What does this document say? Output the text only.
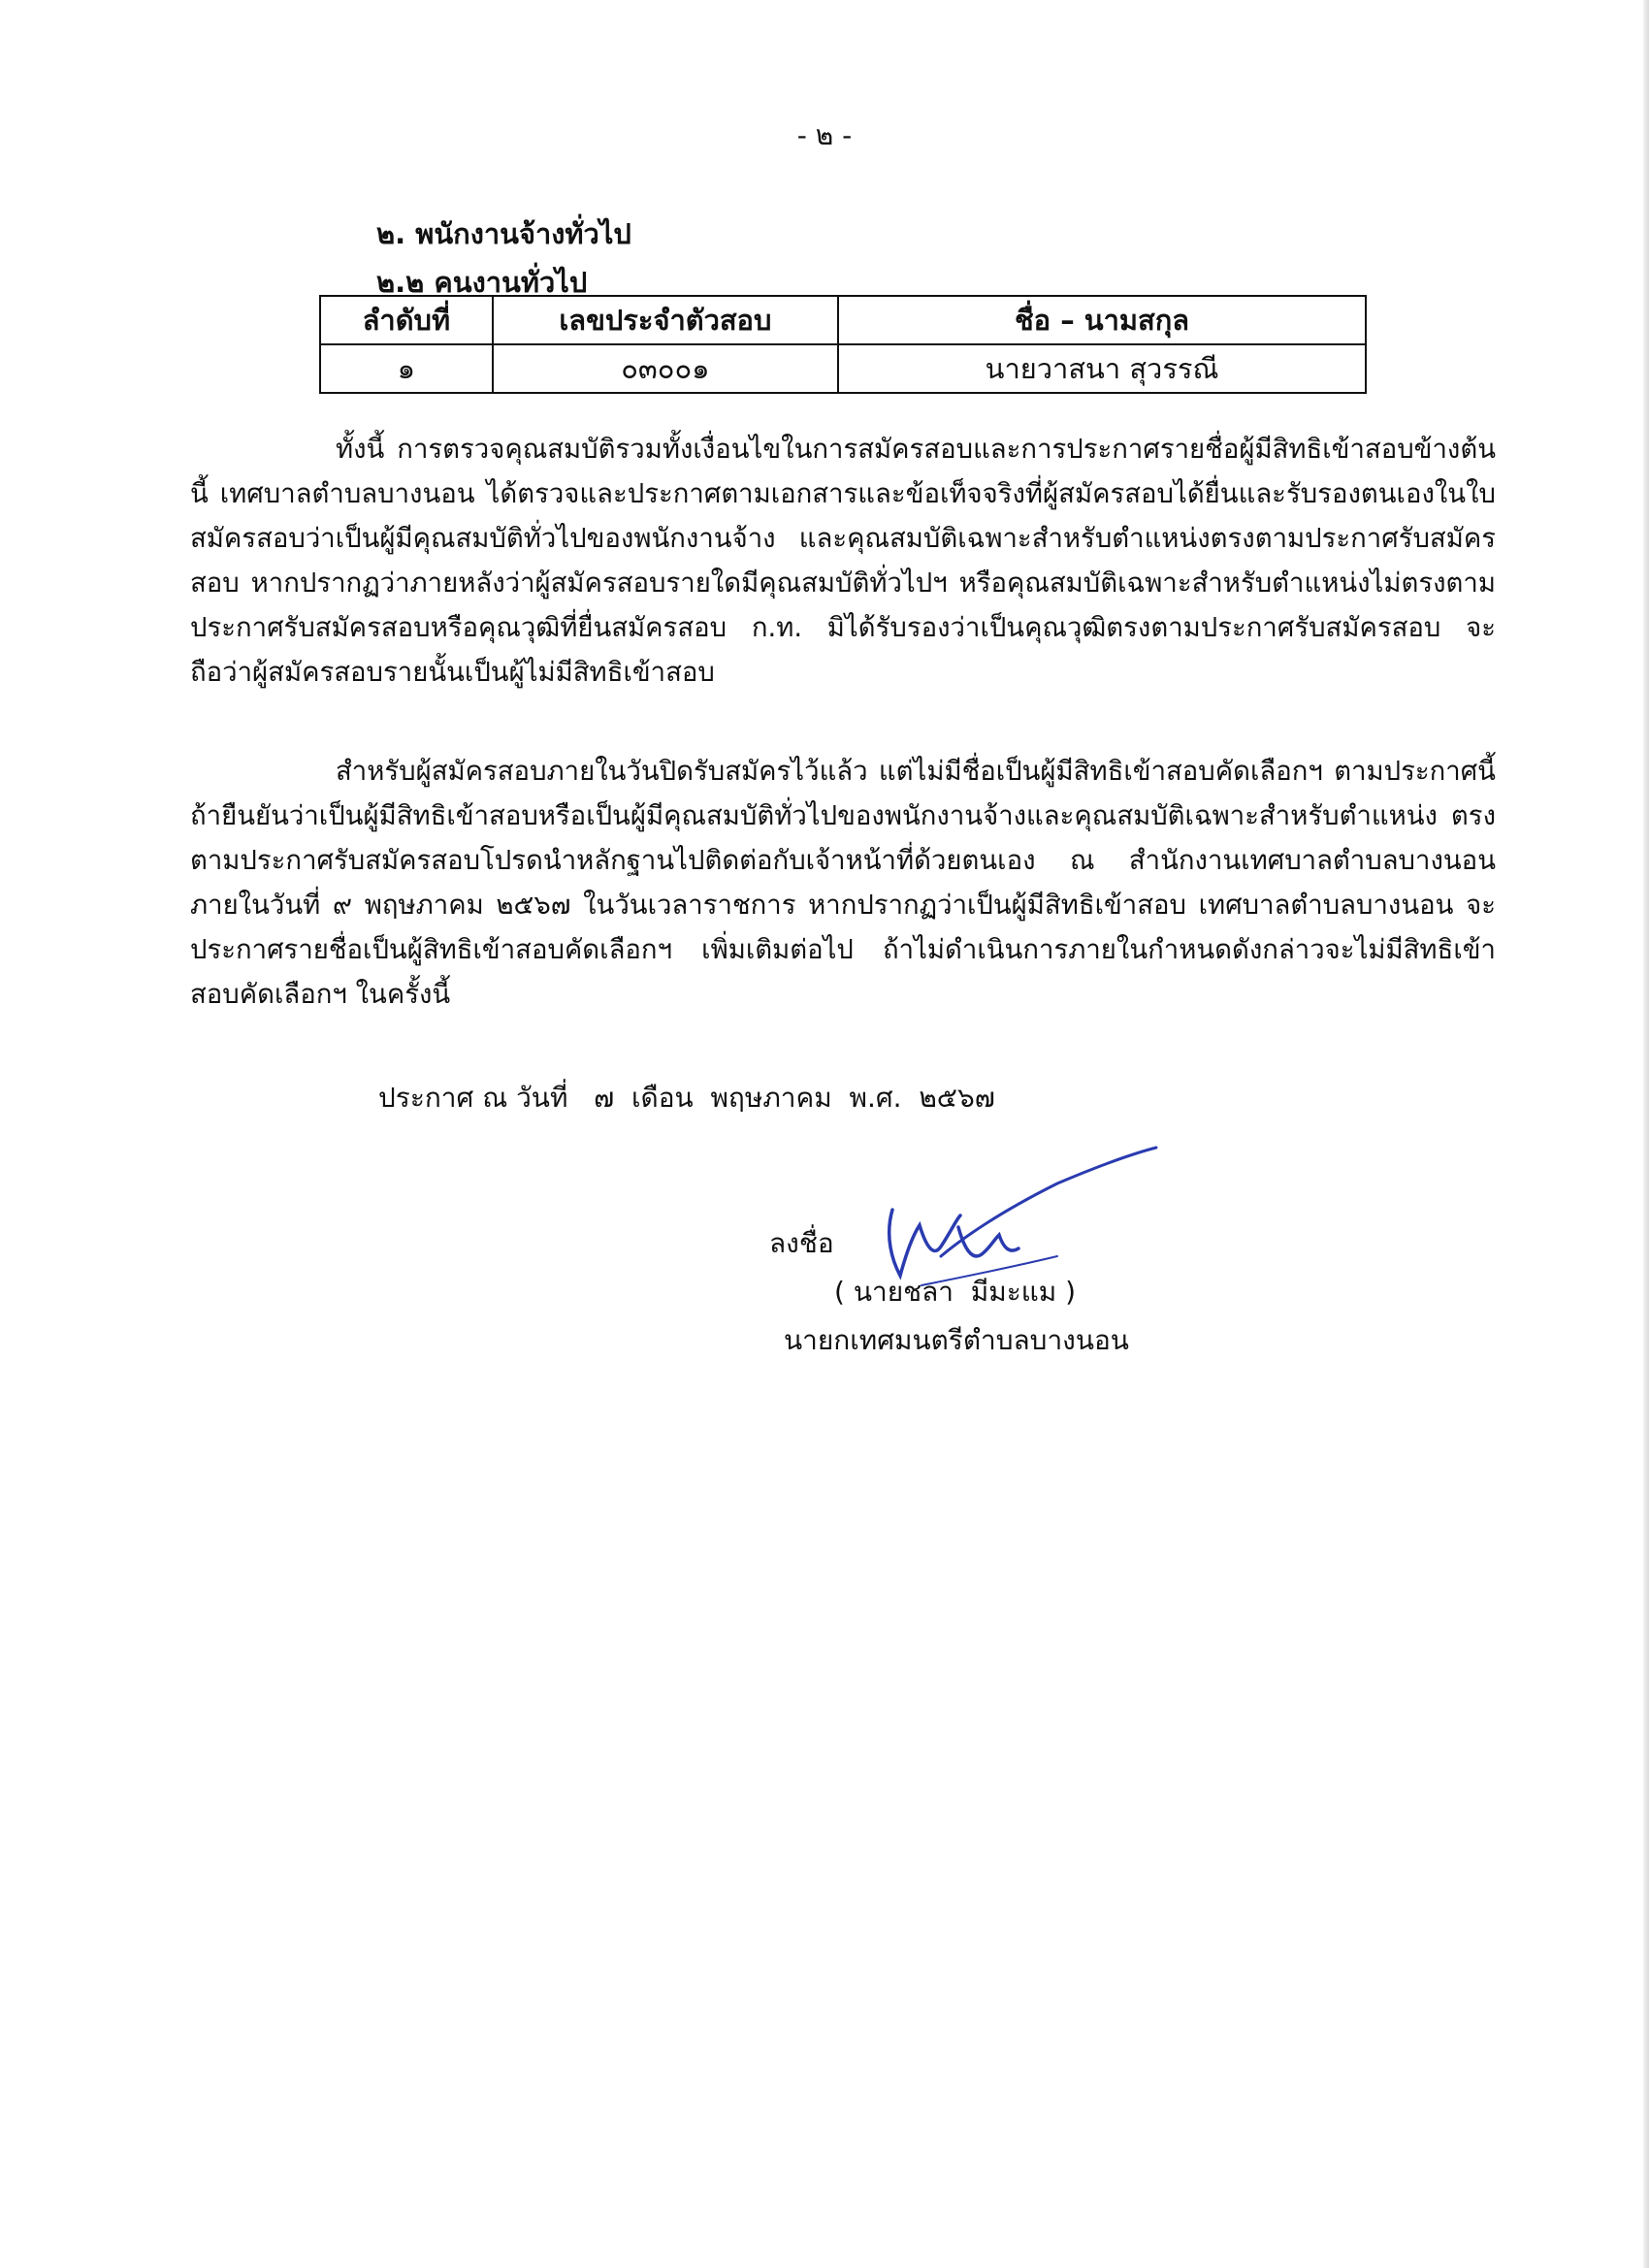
- ๒ -
๒. พนักงานจ้างทั่วไป
๒.๒ คนงานทั่วไป
ลำดับที่	เลขประจำตัวสอบ	ชื่อ – นามสกุล
๑	๐๓๐๐๑	นายวาสนา สุวรรณี

ทั้งนี้ การตรวจคุณสมบัติรวมทั้งเงื่อนไขในการสมัครสอบและการประกาศรายชื่อผู้มีสิทธิเข้าสอบข้างต้นนี้ เทศบาลตำบลบางนอน ได้ตรวจและประกาศตามเอกสารและข้อเท็จจริงที่ผู้สมัครสอบได้ยื่นและรับรองตนเองในใบสมัครสอบว่าเป็นผู้มีคุณสมบัติทั่วไปของพนักงานจ้าง และคุณสมบัติเฉพาะสำหรับตำแหน่งตรงตามประกาศรับสมัครสอบ หากปรากฏว่าภายหลังว่าผู้สมัครสอบรายใดมีคุณสมบัติทั่วไปฯ หรือคุณสมบัติเฉพาะสำหรับตำแหน่งไม่ตรงตามประกาศรับสมัครสอบหรือคุณวุฒิที่ยื่นสมัครสอบ ก.ท. มิได้รับรองว่าเป็นคุณวุฒิตรงตามประกาศรับสมัครสอบ จะถือว่าผู้สมัครสอบรายนั้นเป็นผู้ไม่มีสิทธิเข้าสอบ

สำหรับผู้สมัครสอบภายในวันปิดรับสมัครไว้แล้ว แต่ไม่มีชื่อเป็นผู้มีสิทธิเข้าสอบคัดเลือกฯ ตามประกาศนี้ ถ้ายืนยันว่าเป็นผู้มีสิทธิเข้าสอบหรือเป็นผู้มีคุณสมบัติทั่วไปของพนักงานจ้างและคุณสมบัติเฉพาะสำหรับตำแหน่ง ตรงตามประกาศรับสมัครสอบโปรดนำหลักฐานไปติดต่อกับเจ้าหน้าที่ด้วยตนเอง ณ สำนักงานเทศบาลตำบลบางนอน ภายในวันที่ ๙ พฤษภาคม ๒๕๖๗ ในวันเวลาราชการ หากปรากฏว่าเป็นผู้มีสิทธิเข้าสอบ เทศบาลตำบลบางนอน จะประกาศรายชื่อเป็นผู้สิทธิเข้าสอบคัดเลือกฯ เพิ่มเติมต่อไป ถ้าไม่ดำเนินการภายในกำหนดดังกล่าวจะไม่มีสิทธิเข้าสอบคัดเลือกฯ ในครั้งนี้

ประกาศ ณ วันที่   ๗  เดือน  พฤษภาคม  พ.ศ.  ๒๕๖๗
ลงชื่อ
( นายชลา  มีมะแม )
นายกเทศมนตรีตำบลบางนอน
